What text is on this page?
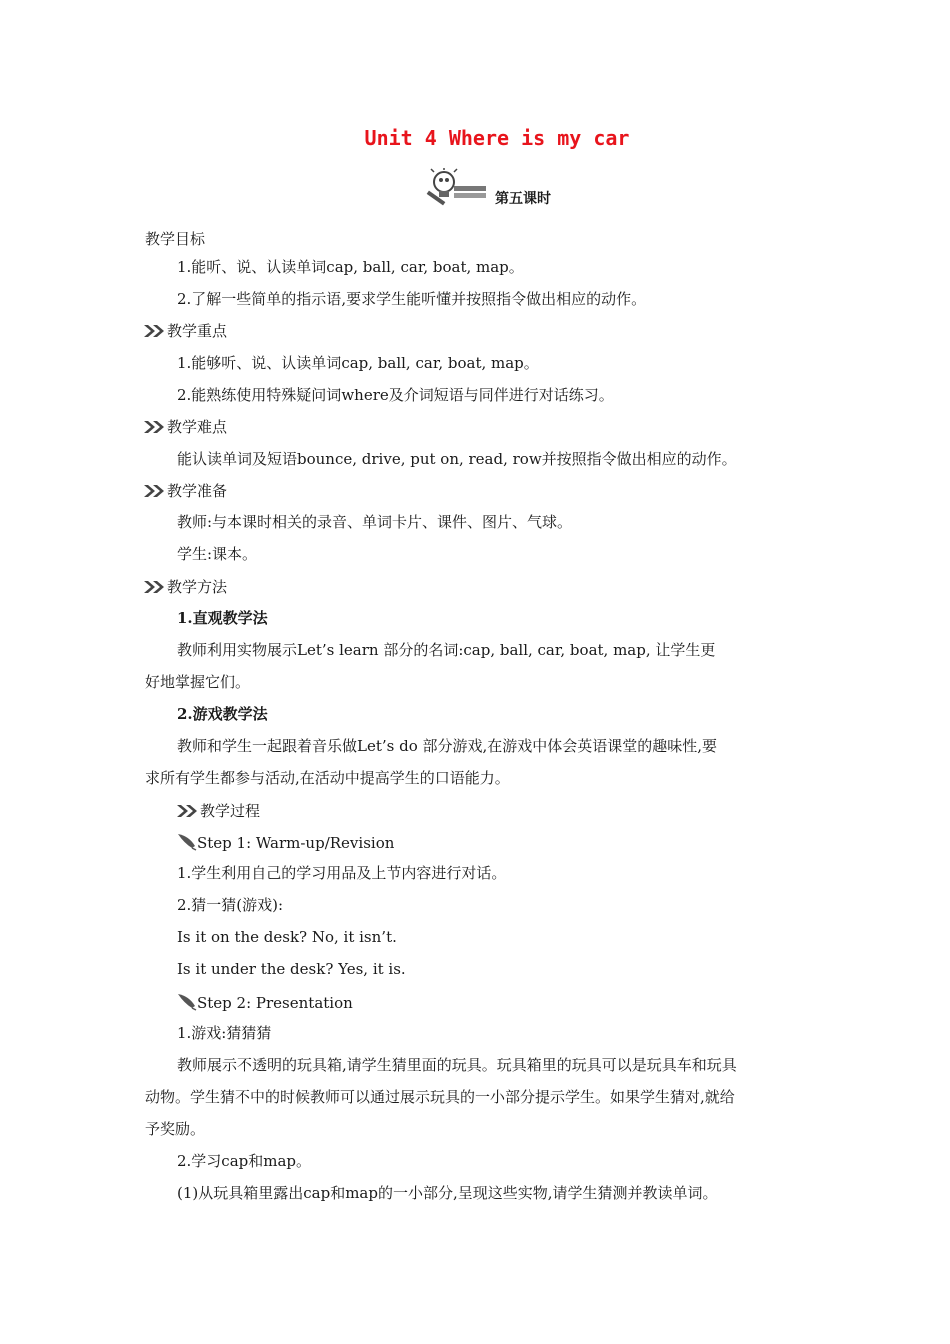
Unit 4 Where is my car
第五课时
教学目标
1.能听、说、认读单词cap, ball, car, boat, map。
2.了解一些简单的指示语,要求学生能听懂并按照指令做出相应的动作。
教学重点
1.能够听、说、认读单词cap, ball, car, boat, map。
2.能熟练使用特殊疑问词where及介词短语与同伴进行对话练习。
教学难点
能认读单词及短语bounce, drive, put on, read, row并按照指令做出相应的动作。
教学准备
教师:与本课时相关的录音、单词卡片、课件、图片、气球。
学生:课本。
教学方法
1.直观教学法
教师利用实物展示Let’s learn 部分的名词:cap, ball, car, boat, map, 让学生更
好地掌握它们。
2.游戏教学法
教师和学生一起跟着音乐做Let’s do 部分游戏,在游戏中体会英语课堂的趣味性,要
求所有学生都参与活动,在活动中提高学生的口语能力。
教学过程
Step 1: Warm-up/Revision
1.学生利用自己的学习用品及上节内容进行对话。
2.猜一猜(游戏):
Is it on the desk? No, it isn’t.
Is it under the desk? Yes, it is.
Step 2: Presentation
1.游戏:猜猜猜
教师展示不透明的玩具箱,请学生猜里面的玩具。玩具箱里的玩具可以是玩具车和玩具
动物。学生猜不中的时候教师可以通过展示玩具的一小部分提示学生。如果学生猜对,就给
予奖励。
2.学习cap和map。
(1)从玩具箱里露出cap和map的一小部分,呈现这些实物,请学生猜测并教读单词。
